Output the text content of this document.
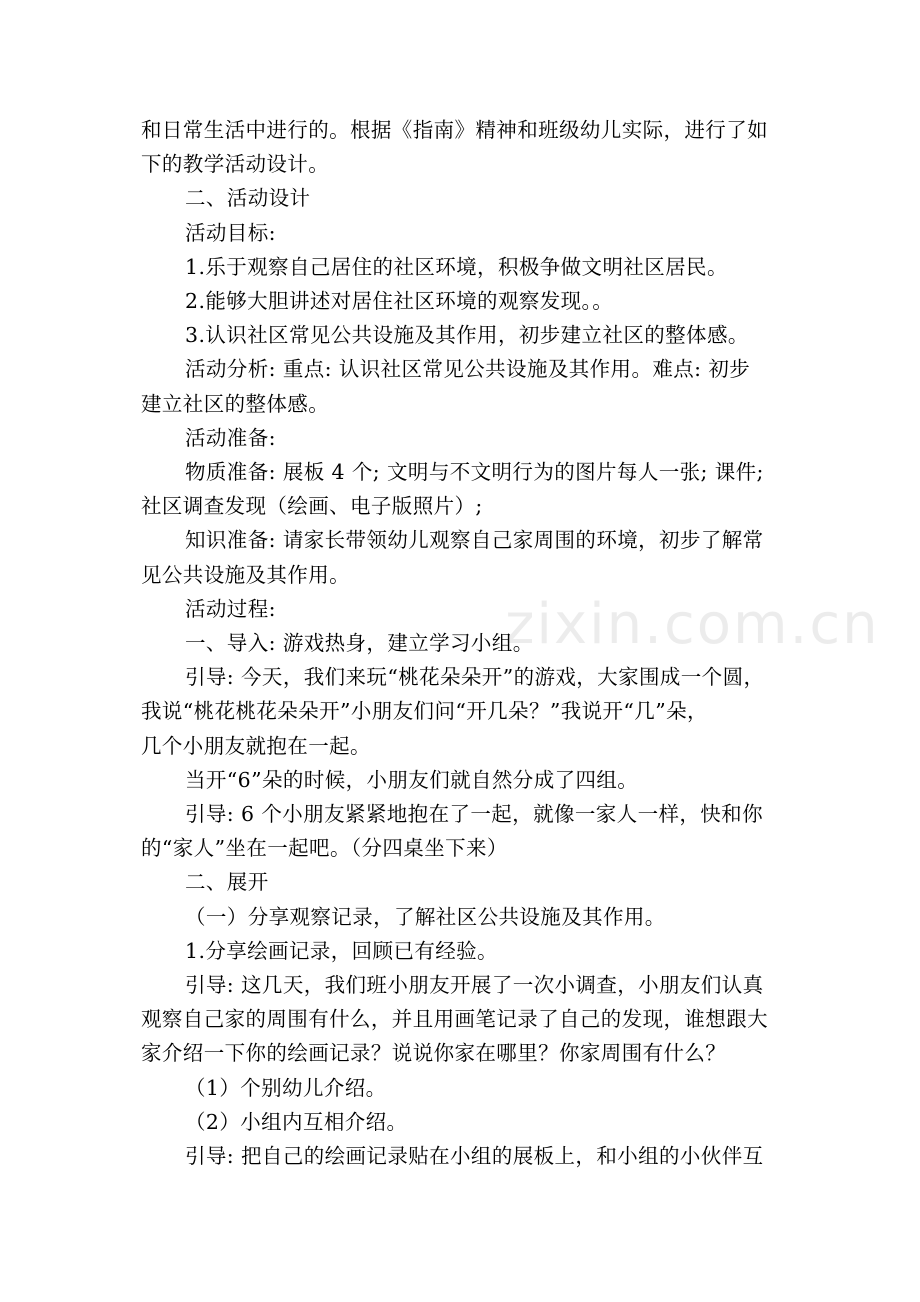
zixin.com.cn

和日常生活中进行的。根据《指南》精神和班级幼儿实际，进行了如

下的教学活动设计。

二、活动设计

活动目标:

1.乐于观察自己居住的社区环境，积极争做文明社区居民。

2.能够大胆讲述对居住社区环境的观察发现。。

3.认识社区常见公共设施及其作用，初步建立社区的整体感。

活动分析: 重点: 认识社区常见公共设施及其作用。难点: 初步

建立社区的整体感。

活动准备:

物质准备: 展板 4 个; 文明与不文明行为的图片每人一张; 课件;

社区调查发现（绘画、电子版照片）;

知识准备: 请家长带领幼儿观察自己家周围的环境，初步了解常

见公共设施及其作用。

活动过程:

一、导入: 游戏热身，建立学习小组。

引导: 今天，我们来玩“桃花朵朵开”的游戏，大家围成一个圆，

我说“桃花桃花朵朵开”小朋友们问“开几朵？”我说开“几”朵，

几个小朋友就抱在一起。

当开“6”朵的时候，小朋友们就自然分成了四组。

引导: 6 个小朋友紧紧地抱在了一起，就像一家人一样，快和你

的“家人”坐在一起吧。（分四桌坐下来）

二、展开

（一）分享观察记录，了解社区公共设施及其作用。

1.分享绘画记录，回顾已有经验。

引导: 这几天，我们班小朋友开展了一次小调查，小朋友们认真

观察自己家的周围有什么，并且用画笔记录了自己的发现，谁想跟大

家介绍一下你的绘画记录？说说你家在哪里？你家周围有什么？

（1）个别幼儿介绍。

（2）小组内互相介绍。

引导: 把自己的绘画记录贴在小组的展板上，和小组的小伙伴互
